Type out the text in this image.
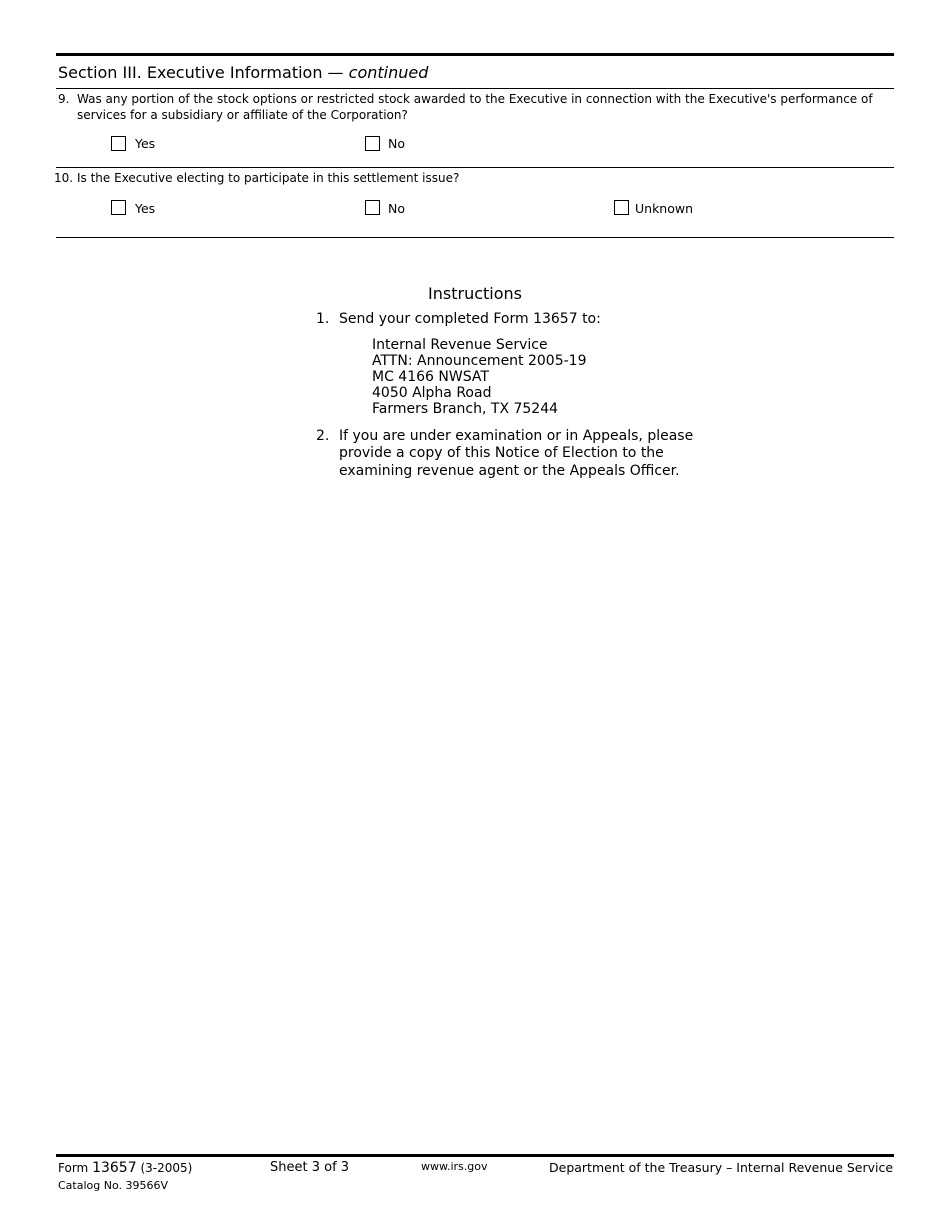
Section III. Executive Information — continued
9. Was any portion of the stock options or restricted stock awarded to the Executive in connection with the Executive's performance of
services for a subsidiary or affiliate of the Corporation?
Yes	No
10. Is the Executive electing to participate in this settlement issue?
Yes	No	Unknown
Instructions
1. Send your completed Form 13657 to:
Internal Revenue Service
ATTN: Announcement 2005-19
MC 4166 NWSAT
4050 Alpha Road
Farmers Branch, TX 75244
2. If you are under examination or in Appeals, please
provide a copy of this Notice of Election to the
examining revenue agent or the Appeals Officer.
Form 13657 (3-2005)
Catalog No. 39566V
Sheet 3 of 3	www.irs.gov	Department of the Treasury – Internal Revenue Service
